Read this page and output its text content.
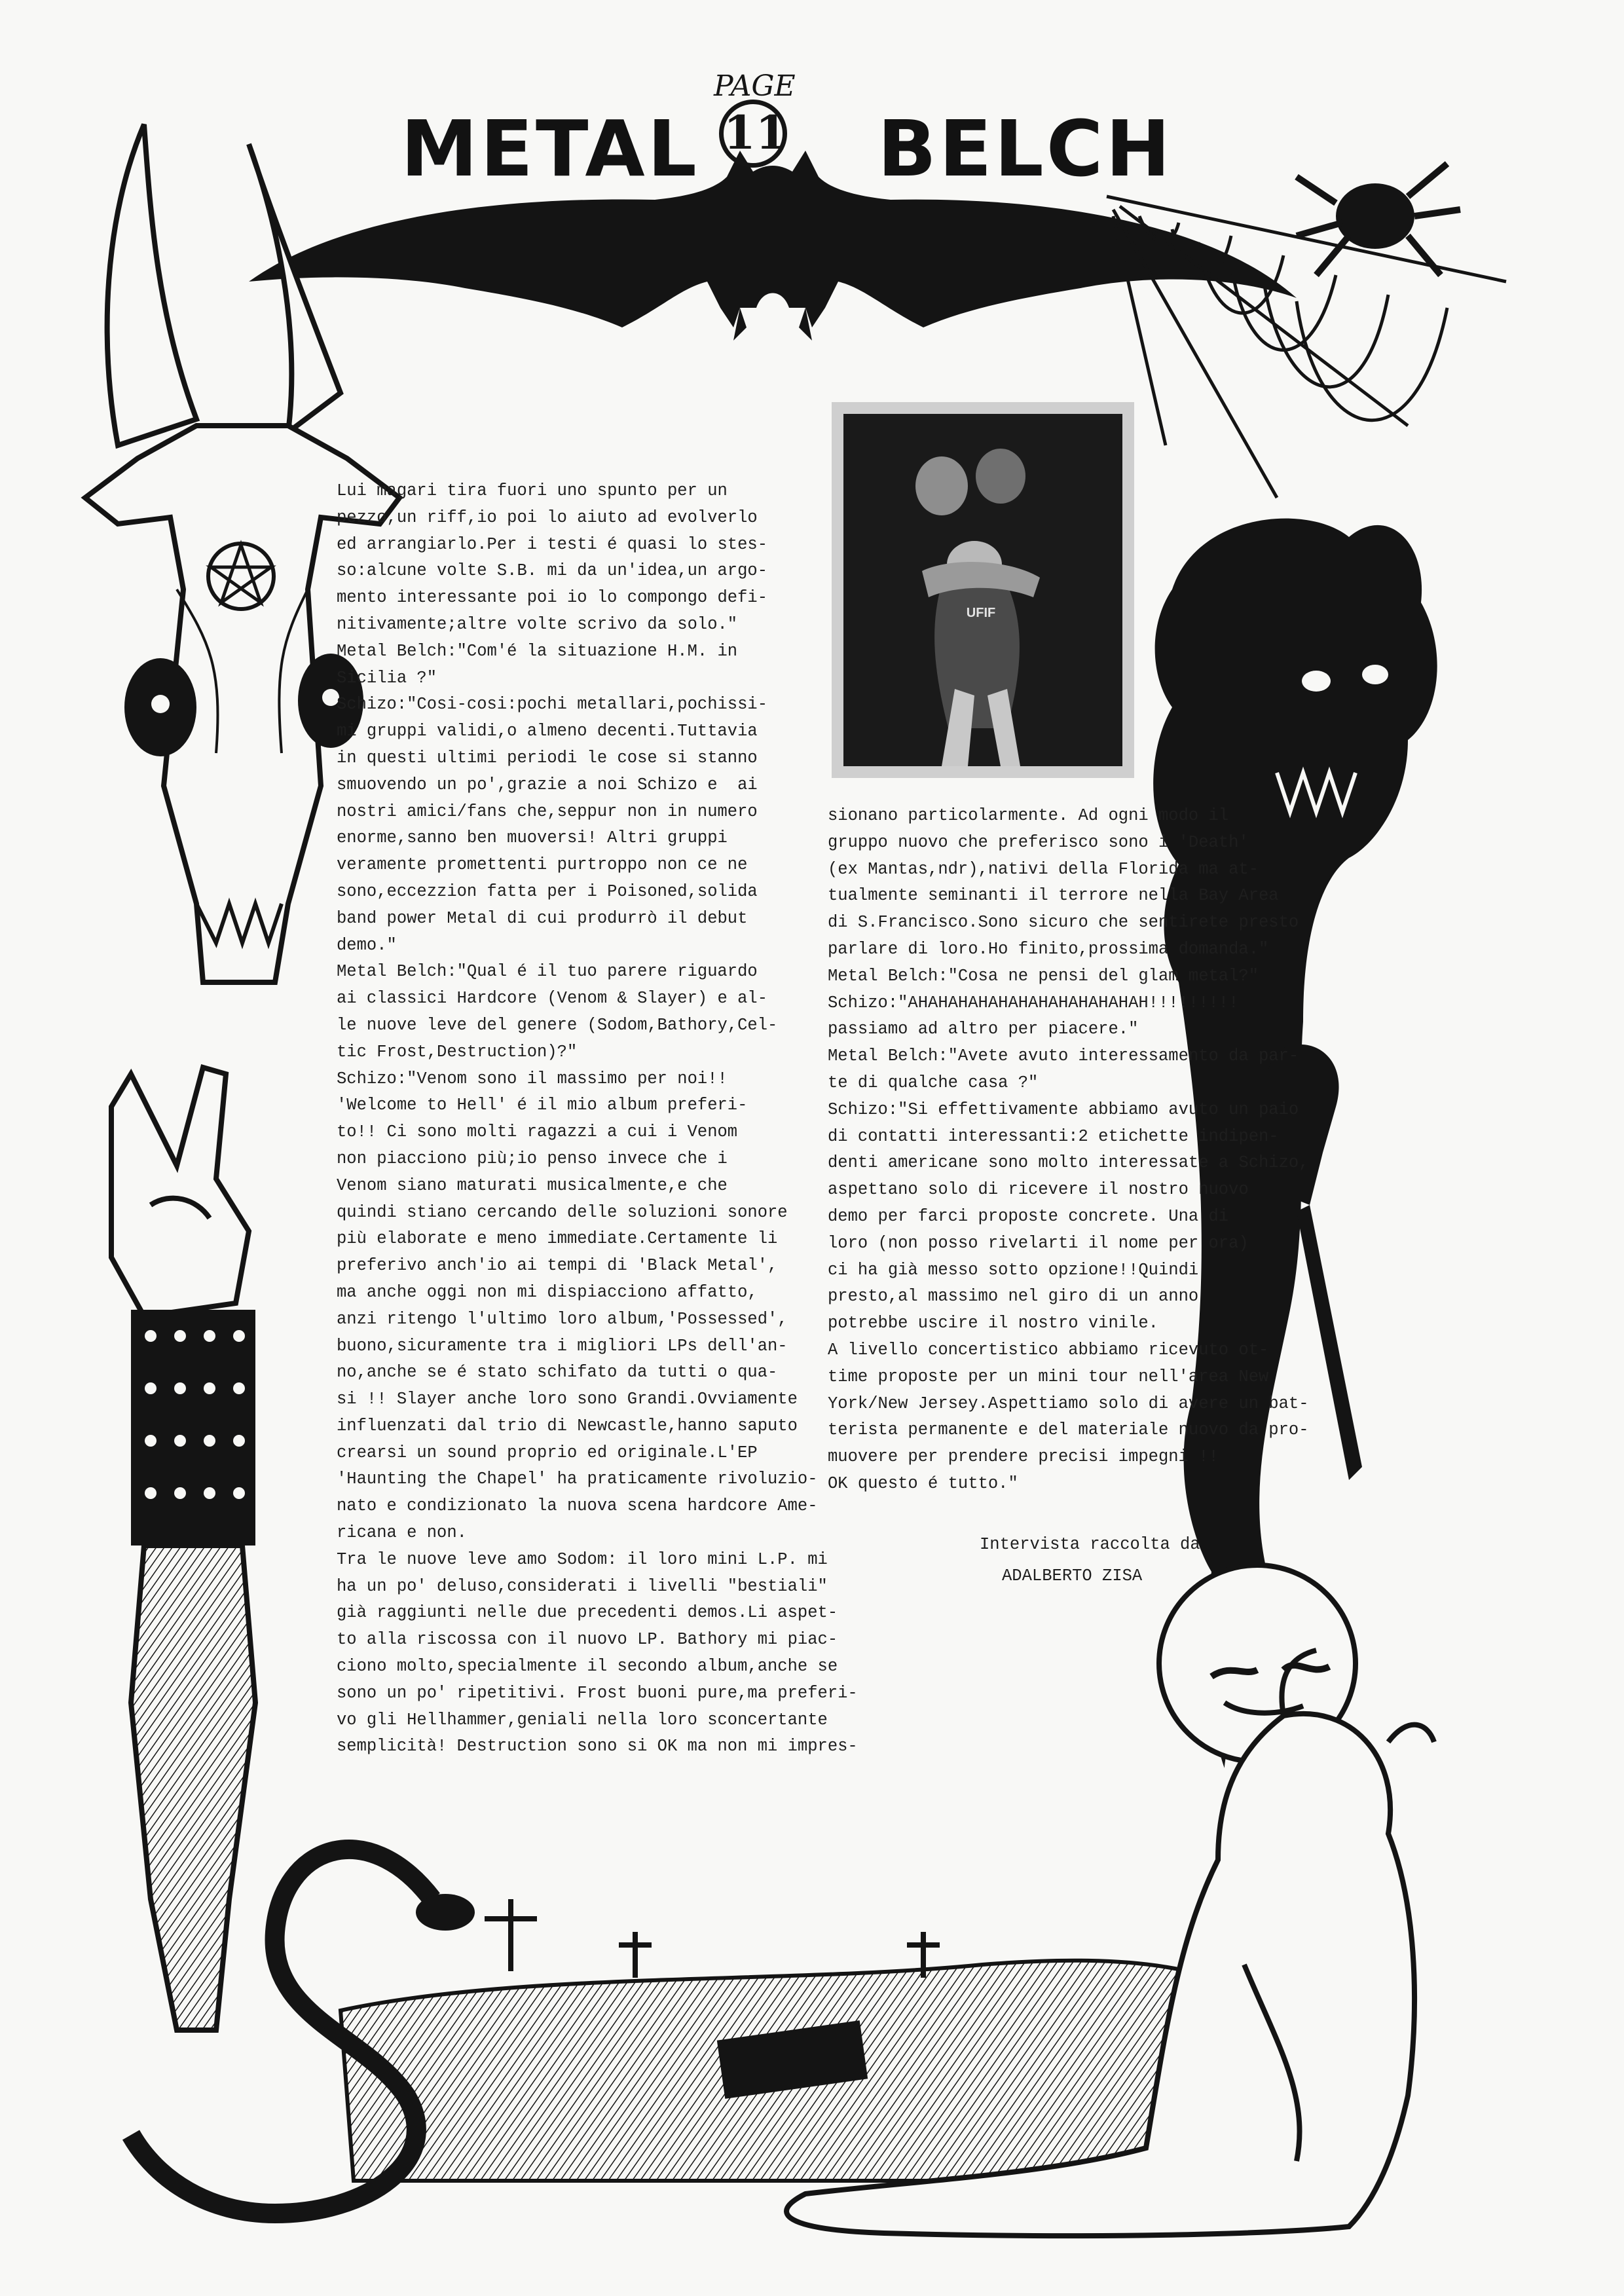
METAL BELCH
PAGE
11
UFIF
Lui magari tira fuori uno spunto per un
pezzo,un riff,io poi lo aiuto ad evolverlo
ed arrangiarlo.Per i testi é quasi lo stes-
so:alcune volte S.B. mi da un'idea,un argo-
mento interessante poi io lo compongo defi-
nitivamente;altre volte scrivo da solo."
Metal Belch:"Com'é la situazione H.M. in
Sicilia ?"
Schizo:"Cosi-cosi:pochi metallari,pochissi-
mi gruppi validi,o almeno decenti.Tuttavia
in questi ultimi periodi le cose si stanno
smuovendo un po',grazie a noi Schizo e  ai
nostri amici/fans che,seppur non in numero
enorme,sanno ben muoversi! Altri gruppi
veramente promettenti purtroppo non ce ne
sono,eccezzion fatta per i Poisoned,solida
band power Metal di cui produrrò il debut
demo."
Metal Belch:"Qual é il tuo parere riguardo
ai classici Hardcore (Venom & Slayer) e al-
le nuove leve del genere (Sodom,Bathory,Cel-
tic Frost,Destruction)?"
Schizo:"Venom sono il massimo per noi!!
'Welcome to Hell' é il mio album preferi-
to!! Ci sono molti ragazzi a cui i Venom
non piacciono più;io penso invece che i
Venom siano maturati musicalmente,e che
quindi stiano cercando delle soluzioni sonore
più elaborate e meno immediate.Certamente li
preferivo anch'io ai tempi di 'Black Metal',
ma anche oggi non mi dispiacciono affatto,
anzi ritengo l'ultimo loro album,'Possessed',
buono,sicuramente tra i migliori LPs dell'an-
no,anche se é stato schifato da tutti o qua-
si !! Slayer anche loro sono Grandi.Ovviamente
influenzati dal trio di Newcastle,hanno saputo
crearsi un sound proprio ed originale.L'EP
'Haunting the Chapel' ha praticamente rivoluzio-
nato e condizionato la nuova scena hardcore Ame-
ricana e non.
Tra le nuove leve amo Sodom: il loro mini L.P. mi
ha un po' deluso,considerati i livelli "bestiali"
già raggiunti nelle due precedenti demos.Li aspet-
to alla riscossa con il nuovo LP. Bathory mi piac-
ciono molto,specialmente il secondo album,anche se
sono un po' ripetitivi. Frost buoni pure,ma preferi-
vo gli Hellhammer,geniali nella loro sconcertante
semplicità! Destruction sono si OK ma non mi impres-
sionano particolarmente. Ad ogni modo il
gruppo nuovo che preferisco sono i 'Death'
(ex Mantas,ndr),nativi della Florida ma at-
tualmente seminanti il terrore nella Bay Area
di S.Francisco.Sono sicuro che sentirete presto
parlare di loro.Ho finito,prossima domanda."
Metal Belch:"Cosa ne pensi del glam metal?"
Schizo:"AHAHAHAHAHAHAHAHAHAHAHAH!!!!!!!!!
passiamo ad altro per piacere."
Metal Belch:"Avete avuto interessamento da par-
te di qualche casa ?"
Schizo:"Si effettivamente abbiamo avuto un paio
di contatti interessanti:2 etichette indipen-
denti americane sono molto interessate a Schizo,
aspettano solo di ricevere il nostro nuovo
demo per farci proposte concrete. Una di
loro (non posso rivelarti il nome per ora)
ci ha già messo sotto opzione!!Quindi
presto,al massimo nel giro di un anno
potrebbe uscire il nostro vinile.
A livello concertistico abbiamo ricevuto ot-
time proposte per un mini tour nell'area New
York/New Jersey.Aspettiamo solo di avere un bat-
terista permanente e del materiale nuovo da pro-
muovere per prendere precisi impegni !!
OK questo é tutto."
Intervista raccolta da
ADALBERTO ZISA
